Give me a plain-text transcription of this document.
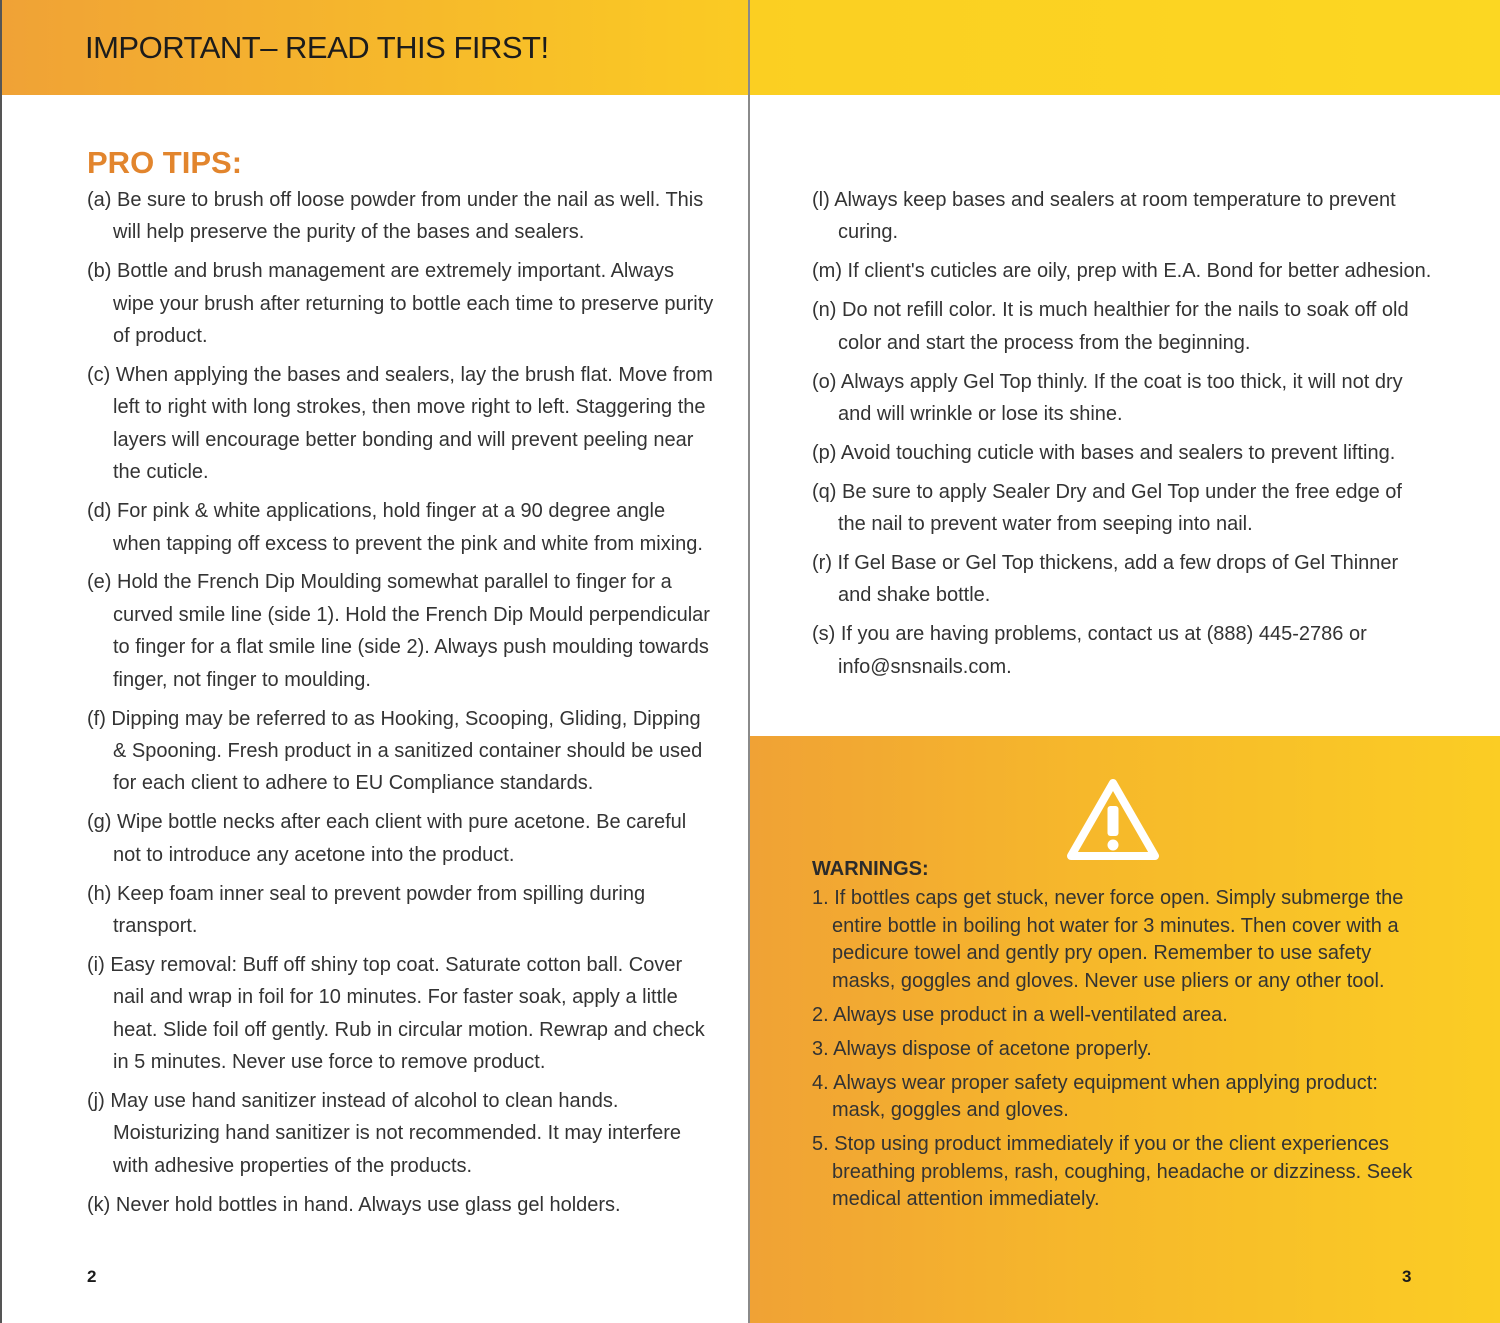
IMPORTANT– READ THIS FIRST!
PRO TIPS:
(a) Be sure to brush off loose powder from under the nail as well. This will help preserve the purity of the bases and sealers.
(b) Bottle and brush management are extremely important. Always wipe your brush after returning to bottle each time to preserve purity of product.
(c) When applying the bases and sealers, lay the brush flat. Move from left to right with long strokes, then move right to left. Staggering the layers will encourage better bonding and will prevent peeling near the cuticle.
(d) For pink & white applications, hold finger at a 90 degree angle when tapping off excess to prevent the pink and white from mixing.
(e) Hold the French Dip Moulding somewhat parallel to finger for a curved smile line (side 1). Hold the French Dip Mould perpendicular to finger for a flat smile line (side 2). Always push moulding towards finger, not finger to moulding.
(f) Dipping may be referred to as Hooking, Scooping, Gliding, Dipping & Spooning. Fresh product in a sanitized container should be used for each client to adhere to EU Compliance standards.
(g) Wipe bottle necks after each client with pure acetone. Be careful not to introduce any acetone into the product.
(h) Keep foam inner seal to prevent powder from spilling during transport.
(i) Easy removal: Buff off shiny top coat. Saturate cotton ball. Cover nail and wrap in foil for 10 minutes. For faster soak, apply a little heat. Slide foil off gently. Rub in circular motion. Rewrap and check in 5 minutes. Never use force to remove product.
(j) May use hand sanitizer instead of alcohol to clean hands. Moisturizing hand sanitizer is not recommended. It may interfere with adhesive properties of the products.
(k) Never hold bottles in hand. Always use glass gel holders.
2
(l) Always keep bases and sealers at room temperature to prevent curing.
(m) If client's cuticles are oily, prep with E.A. Bond for better adhesion.
(n) Do not refill color. It is much healthier for the nails to soak off old color and start the process from the beginning.
(o) Always apply Gel Top thinly. If the coat is too thick, it will not dry and will wrinkle or lose its shine.
(p) Avoid touching cuticle with bases and sealers to prevent lifting.
(q) Be sure to apply Sealer Dry and Gel Top under the free edge of the nail to prevent water from seeping into nail.
(r) If Gel Base or Gel Top thickens, add a few drops of Gel Thinner and shake bottle.
(s) If you are having problems, contact us at (888) 445-2786 or info@snsnails.com.
WARNINGS:
1. If bottles caps get stuck, never force open. Simply submerge the entire bottle in boiling hot water for 3 minutes. Then cover with a pedicure towel and gently pry open. Remember to use safety masks, goggles and gloves. Never use pliers or any other tool.
2. Always use product in a well-ventilated area.
3. Always dispose of acetone properly.
4. Always wear proper safety equipment when applying product: mask, goggles and gloves.
5. Stop using product immediately if you or the client experiences breathing problems, rash, coughing, headache or dizziness. Seek medical attention immediately.
3
